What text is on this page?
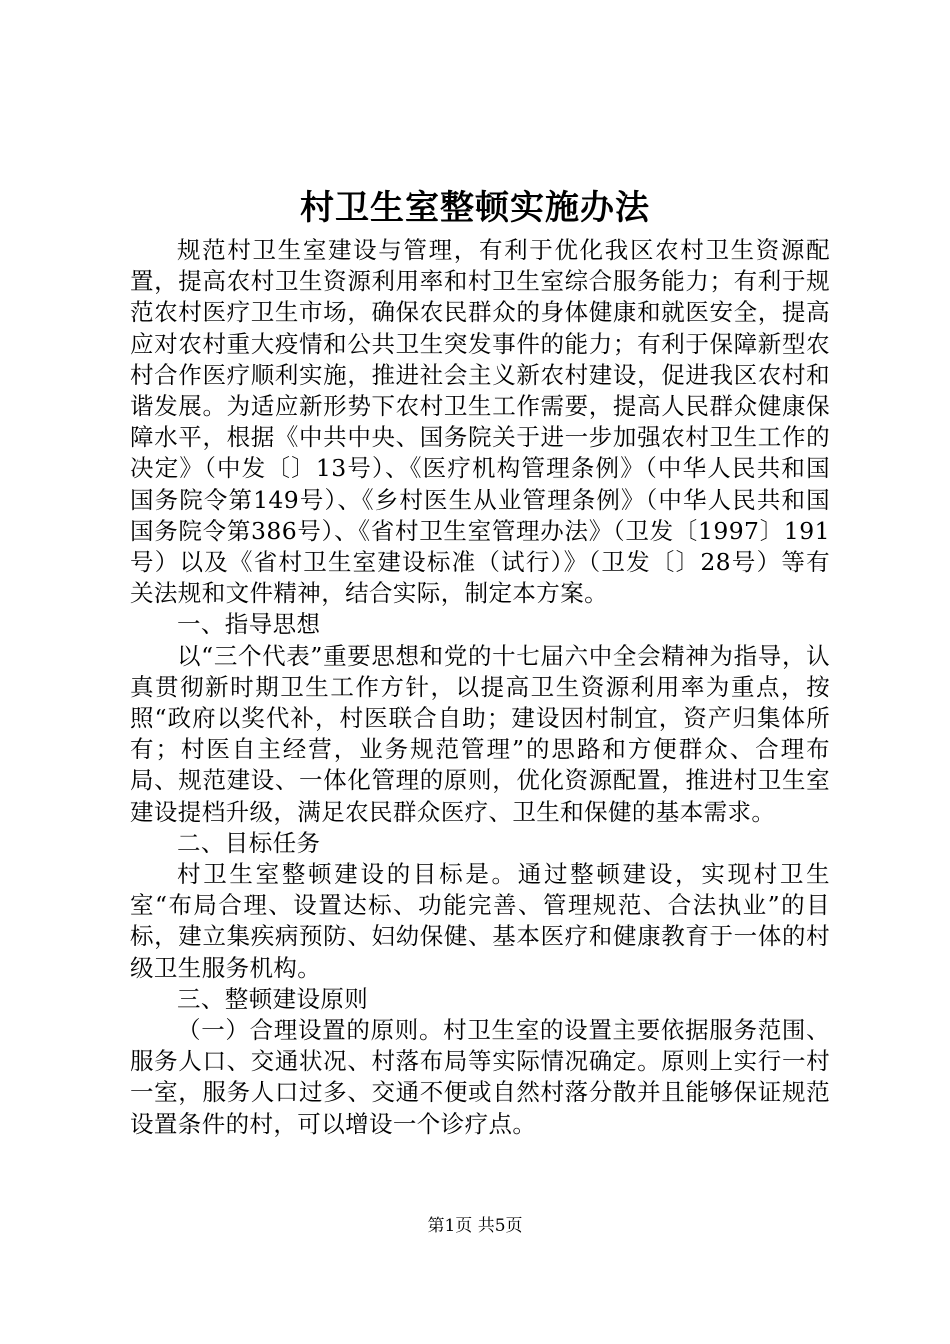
村卫生室整顿实施办法

规范村卫生室建设与管理，有利于优化我区农村卫生资源配置，提高农村卫生资源利用率和村卫生室综合服务能力；有利于规范农村医疗卫生市场，确保农民群众的身体健康和就医安全，提高应对农村重大疫情和公共卫生突发事件的能力；有利于保障新型农村合作医疗顺利实施，推进社会主义新农村建设，促进我区农村和谐发展。为适应新形势下农村卫生工作需要，提高人民群众健康保障水平，根据《中共中央、国务院关于进一步加强农村卫生工作的决定》（中发〔〕13号）、《医疗机构管理条例》（中华人民共和国国务院令第149号）、《乡村医生从业管理条例》（中华人民共和国国务院令第386号）、《省村卫生室管理办法》（卫发〔1997〕191号）以及《省村卫生室建设标准（试行）》（卫发〔〕28号）等有关法规和文件精神，结合实际，制定本方案。

一、指导思想

以“三个代表”重要思想和党的十七届六中全会精神为指导，认真贯彻新时期卫生工作方针，以提高卫生资源利用率为重点，按照“政府以奖代补，村医联合自助；建设因村制宜，资产归集体所有；村医自主经营，业务规范管理”的思路和方便群众、合理布局、规范建设、一体化管理的原则，优化资源配置，推进村卫生室建设提档升级，满足农民群众医疗、卫生和保健的基本需求。

二、目标任务

村卫生室整顿建设的目标是。通过整顿建设，实现村卫生室“布局合理、设置达标、功能完善、管理规范、合法执业”的目标，建立集疾病预防、妇幼保健、基本医疗和健康教育于一体的村级卫生服务机构。

三、整顿建设原则

（一）合理设置的原则。村卫生室的设置主要依据服务范围、服务人口、交通状况、村落布局等实际情况确定。原则上实行一村一室，服务人口过多、交通不便或自然村落分散并且能够保证规范设置条件的村，可以增设一个诊疗点。

第1页 共5页
